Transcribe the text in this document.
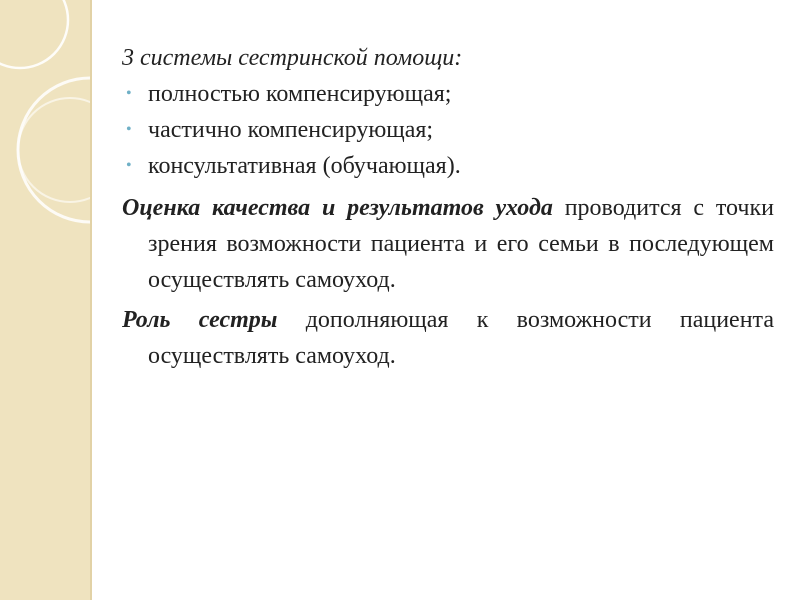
3 системы сестринской помощи:

• полностью компенсирующая;
• частично компенсирующая;
• консультативная (обучающая).

Оценка качества и результатов ухода проводится с точки зрения возможности пациента и его семьи в последующем осуществлять самоуход.

Роль сестры дополняющая к возможности пациента осуществлять самоуход.
